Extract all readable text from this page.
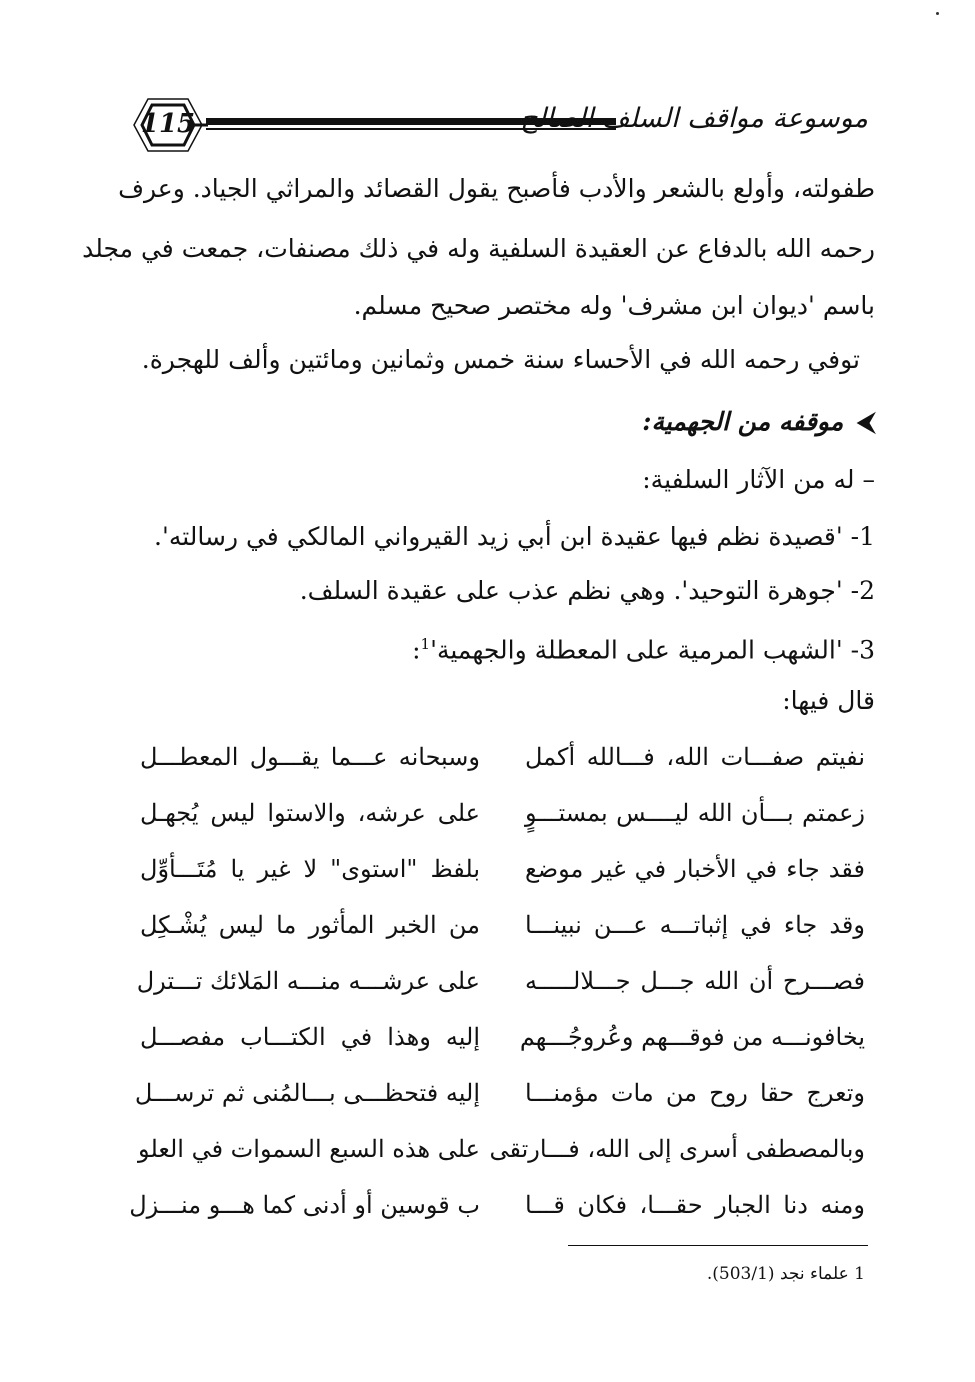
115	موسوعة مواقف السلف الصالح
طفولته، وأولع بالشعر والأدب فأصبح يقول القصائد والمراثي الجياد. وعرف
رحمه الله بالدفاع عن العقيدة السلفية وله في ذلك مصنفات، جمعت في مجلد
باسم 'ديوان ابن مشرف' وله مختصر صحيح مسلم.
توفي رحمه الله في الأحساء سنة خمس وثمانين ومائتين وألف للهجرة.
⮜موقفه من الجهمية:
– له من الآثار السلفية:
1- 'قصيدة نظم فيها عقيدة ابن أبي زيد القيرواني المالكي في رسالته'.
2- 'جوهرة التوحيد'. وهي نظم عذب على عقيدة السلف.
3- 'الشهب المرمية على المعطلة $والجهمية'^1$:
قال فيها:
نفيتم صفـــات الله، فـــالله أكمل
وسبحانه عـــما يقـــول المعطـــل
زعمتم بـــأن الله ليــــس بمستـــوٍ
على عرشه، والاستوا ليس يُجهـل
فقد جاء في الأخبار في غير موضع
بلفظ "استوى" لا غير يا مُتَـــأوِّل
وقد جاء في إثباتـــه عـــن نبينـــا
من الخبر المأثور ما ليس يُشْـكِل
فصـــرح أن الله جـــل جـــلالـــــه
على عرشـــه منـــه المَلائك تـــترل
يخافونـــه من فوقـــهم وعُروجُـــهم
إليه وهذا في الكتـــاب مفصـــل
وتعرج حقا روح من مات مؤمنـــا
إليه فتحظـــى بـــالمُنى ثم ترســـل
وبالمصطفى أسرى إلى الله، فـــارتقى
على هذه السبع السموات في العلو
ومنه دنا الجبار حقـــا، فكان قـــا
ب قوسين أو أدنى كما هـــو منـــزل
1 علماء نجد (503/1).
